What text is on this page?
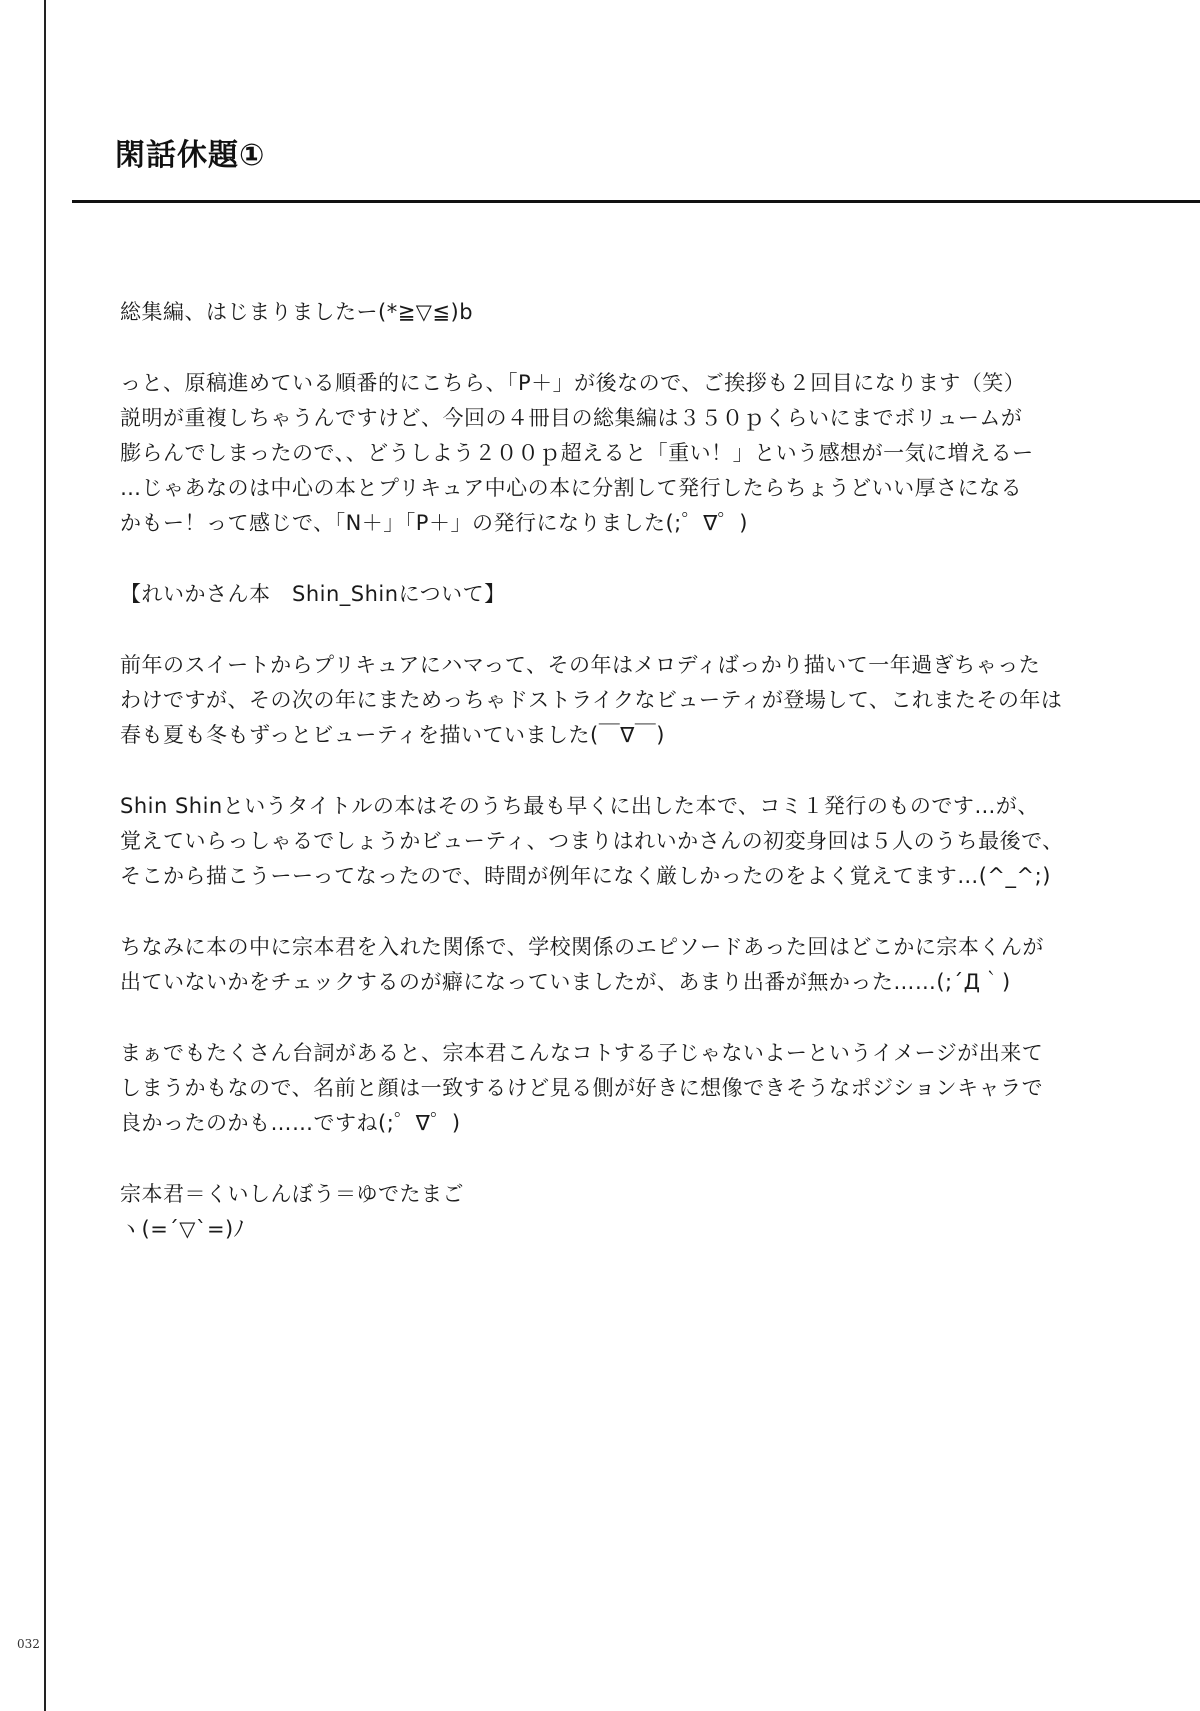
閑話休題①
総集編、はじまりましたー(*≧▽≦)b
っと、原稿進めている順番的にこちら、「P＋」が後なので、ご挨拶も２回目になります（笑）
説明が重複しちゃうんですけど、今回の４冊目の総集編は３５０ｐくらいにまでボリュームが
膨らんでしまったので、、どうしよう２００ｐ超えると「重い！」という感想が一気に増えるー
…じゃあなのは中心の本とプリキュア中心の本に分割して発行したらちょうどいい厚さになる
かもー！って感じで、「N＋」「P＋」の発行になりました(;゜∇゜)
【れいかさん本　Shin_Shinについて】
前年のスイートからプリキュアにハマって、その年はメロディばっかり描いて一年過ぎちゃった
わけですが、その次の年にまためっちゃドストライクなビューティが登場して、これまたその年は
春も夏も冬もずっとビューティを描いていました(￣∇￣)
Shin Shinというタイトルの本はそのうち最も早くに出した本で、コミ１発行のものです…が、
覚えていらっしゃるでしょうかビューティ、つまりはれいかさんの初変身回は５人のうち最後で、
そこから描こうーーってなったので、時間が例年になく厳しかったのをよく覚えてます…(^_^;)
ちなみに本の中に宗本君を入れた関係で、学校関係のエピソードあった回はどこかに宗本くんが
出ていないかをチェックするのが癖になっていましたが、あまり出番が無かった……(;´Д｀)
まぁでもたくさん台詞があると、宗本君こんなコトする子じゃないよーというイメージが出来て
しまうかもなので、名前と顔は一致するけど見る側が好きに想像できそうなポジションキャラで
良かったのかも……ですね(;゜∇゜)
宗本君＝くいしんぼう＝ゆでたまご
ヽ(=´▽`=)ﾉ
032
